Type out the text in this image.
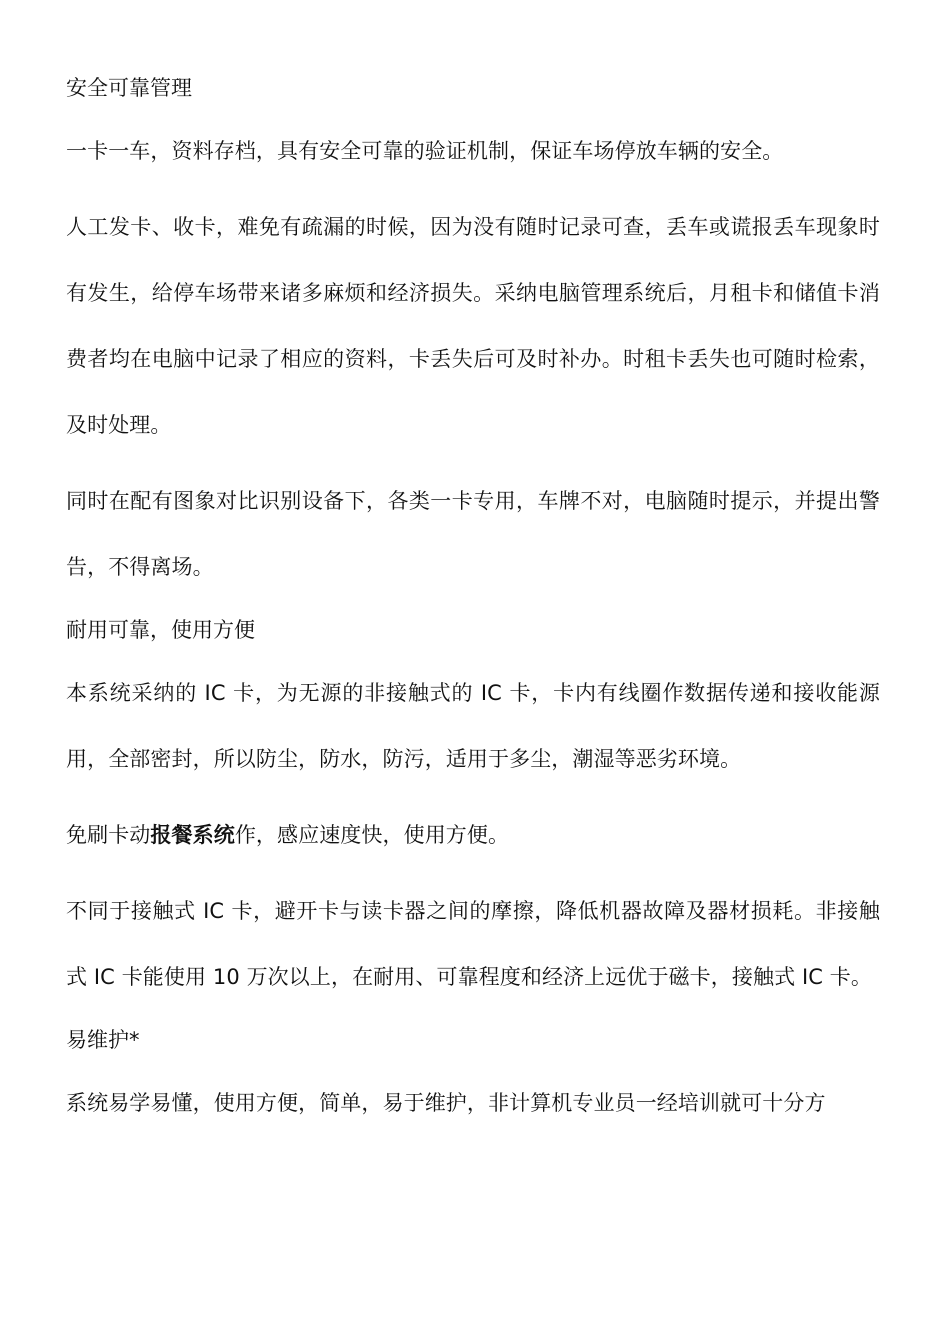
安全可靠管理

一卡一车，资料存档，具有安全可靠的验证机制，保证车场停放车辆的安全。

人工发卡、收卡，难免有疏漏的时候，因为没有随时记录可查，丢车或谎报丢车现象时有发生，给停车场带来诸多麻烦和经济损失。采纳电脑管理系统后，月租卡和储值卡消费者均在电脑中记录了相应的资料，卡丢失后可及时补办。时租卡丢失也可随时检索，及时处理。

同时在配有图象对比识别设备下，各类一卡专用，车牌不对，电脑随时提示，并提出警告，不得离场。

耐用可靠，使用方便

本系统采纳的 IC 卡，为无源的非接触式的 IC 卡，卡内有线圈作数据传递和接收能源用，全部密封，所以防尘，防水，防污，适用于多尘，潮湿等恶劣环境。

免刷卡动报餐系统作，感应速度快，使用方便。

不同于接触式 IC 卡，避开卡与读卡器之间的摩擦，降低机器故障及器材损耗。非接触式 IC 卡能使用 10 万次以上，在耐用、可靠程度和经济上远优于磁卡，接触式 IC 卡。

易维护*

系统易学易懂，使用方便，简单，易于维护，非计算机专业员一经培训就可十分方
